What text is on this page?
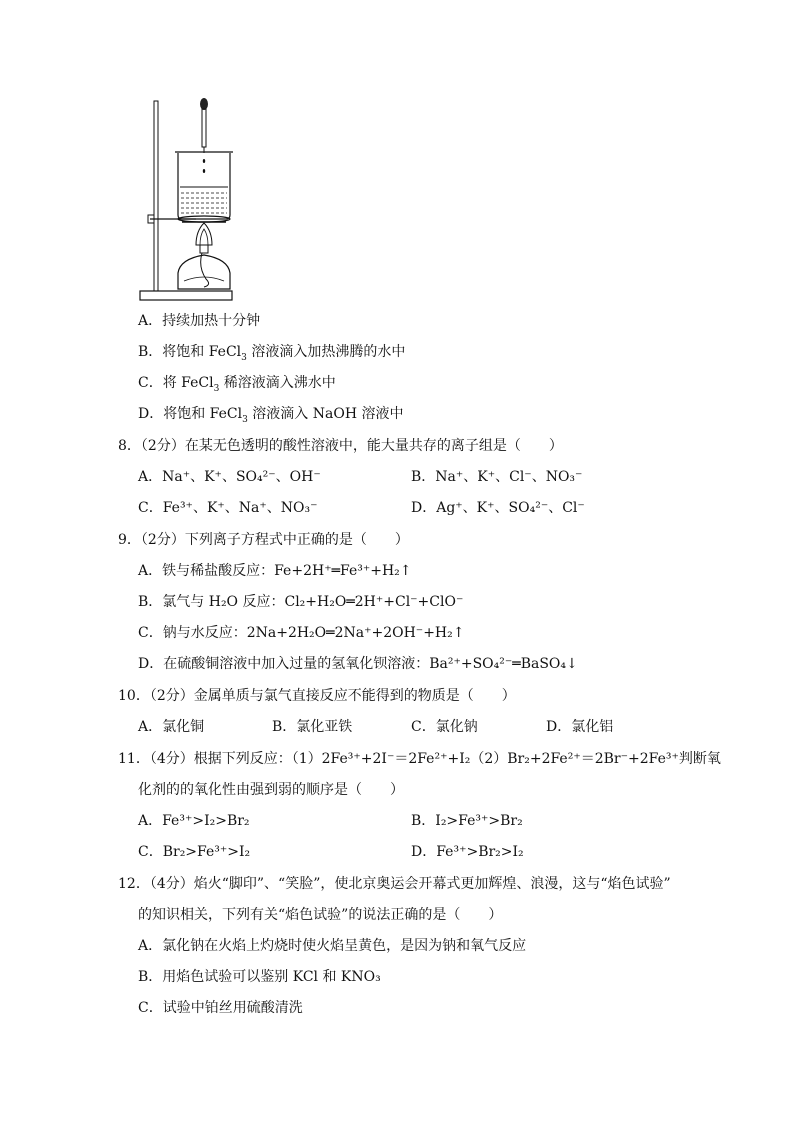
A．持续加热十分钟
B．将饱和 FeCl$_3$ 溶液滴入加热沸腾的水中
C．将 FeCl$_3$ 稀溶液滴入沸水中
D．将饱和 FeCl$_3$ 溶液滴入 NaOH 溶液中
8．（2分）在某无色透明的酸性溶液中，能大量共存的离子组是（　　）
A．Na⁺、K⁺、SO₄²⁻、OH⁻	B．Na⁺、K⁺、Cl⁻、NO₃⁻
C．Fe³⁺、K⁺、Na⁺、NO₃⁻	D．Ag⁺、K⁺、SO₄²⁻、Cl⁻
9．（2分）下列离子方程式中正确的是（　　）
A．铁与稀盐酸反应：Fe+2H⁺═Fe³⁺+H₂↑
B．氯气与 H₂O 反应：Cl₂+H₂O═2H⁺+Cl⁻+ClO⁻
C．钠与水反应：2Na+2H₂O═2Na⁺+2OH⁻+H₂↑
D．在硫酸铜溶液中加入过量的氢氧化钡溶液：Ba²⁺+SO₄²⁻═BaSO₄↓
10．（2分）金属单质与氯气直接反应不能得到的物质是（　　）
A．氯化铜	B．氯化亚铁	C．氯化钠	D．氯化铝
11．（4分）根据下列反应：（1）2Fe³⁺+2I⁻＝2Fe²⁺+I₂（2）Br₂+2Fe²⁺＝2Br⁻+2Fe³⁺判断氧
化剂的的氧化性由强到弱的顺序是（　　）
A．Fe³⁺>I₂>Br₂	B．I₂>Fe³⁺>Br₂
C．Br₂>Fe³⁺>I₂	D．Fe³⁺>Br₂>I₂
12．（4分）焰火“脚印”、“笑脸”，使北京奥运会开幕式更加辉煌、浪漫，这与“焰色试验”
的知识相关，下列有关“焰色试验”的说法正确的是（　　）
A．氯化钠在火焰上灼烧时使火焰呈黄色，是因为钠和氧气反应
B．用焰色试验可以鉴别 KCl 和 KNO₃
C．试验中铂丝用硫酸清洗
